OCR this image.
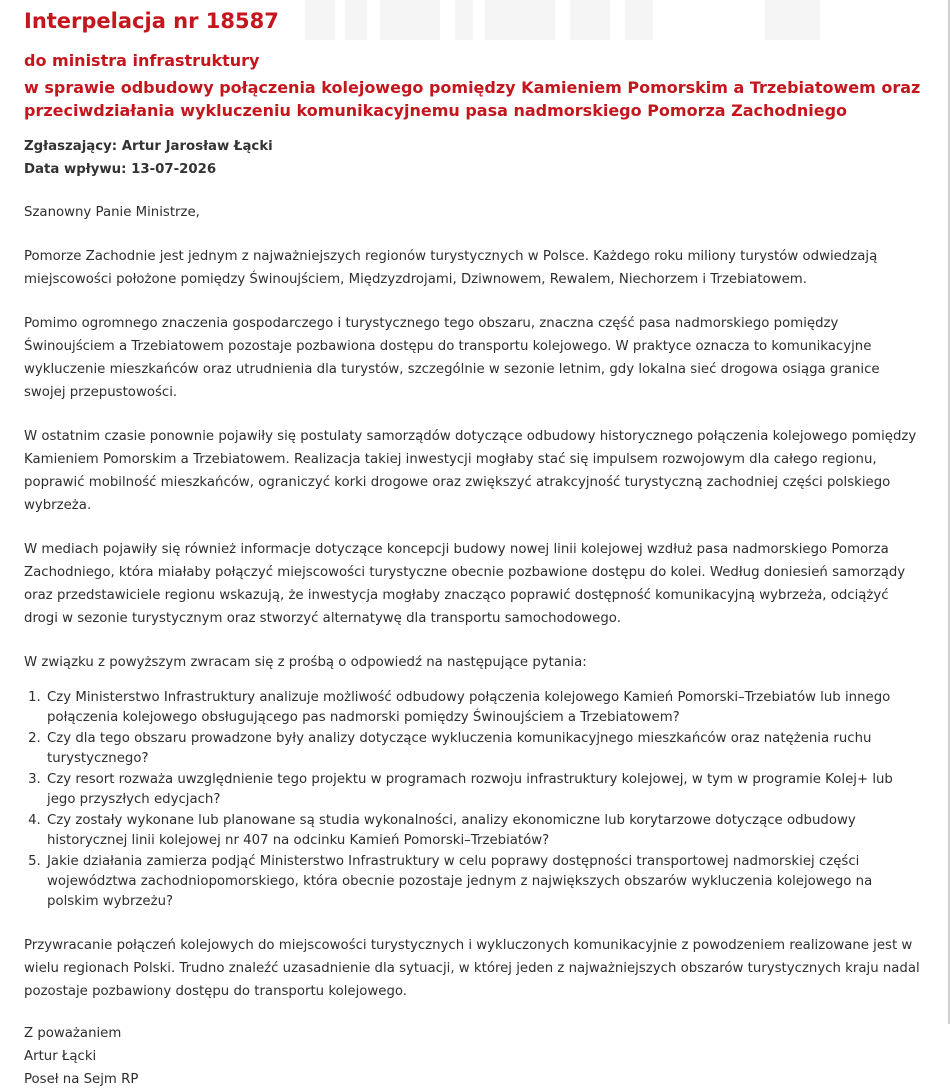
Interpelacja nr 18587
do ministra infrastruktury
w sprawie odbudowy połączenia kolejowego pomiędzy Kamieniem Pomorskim a Trzebiatowem oraz przeciwdziałania wykluczeniu komunikacyjnemu pasa nadmorskiego Pomorza Zachodniego
Zgłaszający: Artur Jarosław Łącki
Data wpływu: 13-07-2026

Szanowny Panie Ministrze,

Pomorze Zachodnie jest jednym z najważniejszych regionów turystycznych w Polsce. Każdego roku miliony turystów odwiedzają miejscowości położone pomiędzy Świnoujściem, Międzyzdrojami, Dziwnowem, Rewalem, Niechorzem i Trzebiatowem.

Pomimo ogromnego znaczenia gospodarczego i turystycznego tego obszaru, znaczna część pasa nadmorskiego pomiędzy Świnoujściem a Trzebiatowem pozostaje pozbawiona dostępu do transportu kolejowego. W praktyce oznacza to komunikacyjne wykluczenie mieszkańców oraz utrudnienia dla turystów, szczególnie w sezonie letnim, gdy lokalna sieć drogowa osiąga granice swojej przepustowości.

W ostatnim czasie ponownie pojawiły się postulaty samorządów dotyczące odbudowy historycznego połączenia kolejowego pomiędzy Kamieniem Pomorskim a Trzebiatowem. Realizacja takiej inwestycji mogłaby stać się impulsem rozwojowym dla całego regionu, poprawić mobilność mieszkańców, ograniczyć korki drogowe oraz zwiększyć atrakcyjność turystyczną zachodniej części polskiego wybrzeża.

W mediach pojawiły się również informacje dotyczące koncepcji budowy nowej linii kolejowej wzdłuż pasa nadmorskiego Pomorza Zachodniego, która miałaby połączyć miejscowości turystyczne obecnie pozbawione dostępu do kolei. Według doniesień samorządy oraz przedstawiciele regionu wskazują, że inwestycja mogłaby znacząco poprawić dostępność komunikacyjną wybrzeża, odciążyć drogi w sezonie turystycznym oraz stworzyć alternatywę dla transportu samochodowego.

W związku z powyższym zwracam się z prośbą o odpowiedź na następujące pytania:

1. Czy Ministerstwo Infrastruktury analizuje możliwość odbudowy połączenia kolejowego Kamień Pomorski–Trzebiatów lub innego połączenia kolejowego obsługującego pas nadmorski pomiędzy Świnoujściem a Trzebiatowem?
2. Czy dla tego obszaru prowadzone były analizy dotyczące wykluczenia komunikacyjnego mieszkańców oraz natężenia ruchu turystycznego?
3. Czy resort rozważa uwzględnienie tego projektu w programach rozwoju infrastruktury kolejowej, w tym w programie Kolej+ lub jego przyszłych edycjach?
4. Czy zostały wykonane lub planowane są studia wykonalności, analizy ekonomiczne lub korytarzowe dotyczące odbudowy historycznej linii kolejowej nr 407 na odcinku Kamień Pomorski–Trzebiatów?
5. Jakie działania zamierza podjąć Ministerstwo Infrastruktury w celu poprawy dostępności transportowej nadmorskiej części województwa zachodniopomorskiego, która obecnie pozostaje jednym z największych obszarów wykluczenia kolejowego na polskim wybrzeżu?

Przywracanie połączeń kolejowych do miejscowości turystycznych i wykluczonych komunikacyjnie z powodzeniem realizowane jest w wielu regionach Polski. Trudno znaleźć uzasadnienie dla sytuacji, w której jeden z najważniejszych obszarów turystycznych kraju nadal pozostaje pozbawiony dostępu do transportu kolejowego.

Z poważaniem

Artur Łącki

Poseł na Sejm RP
